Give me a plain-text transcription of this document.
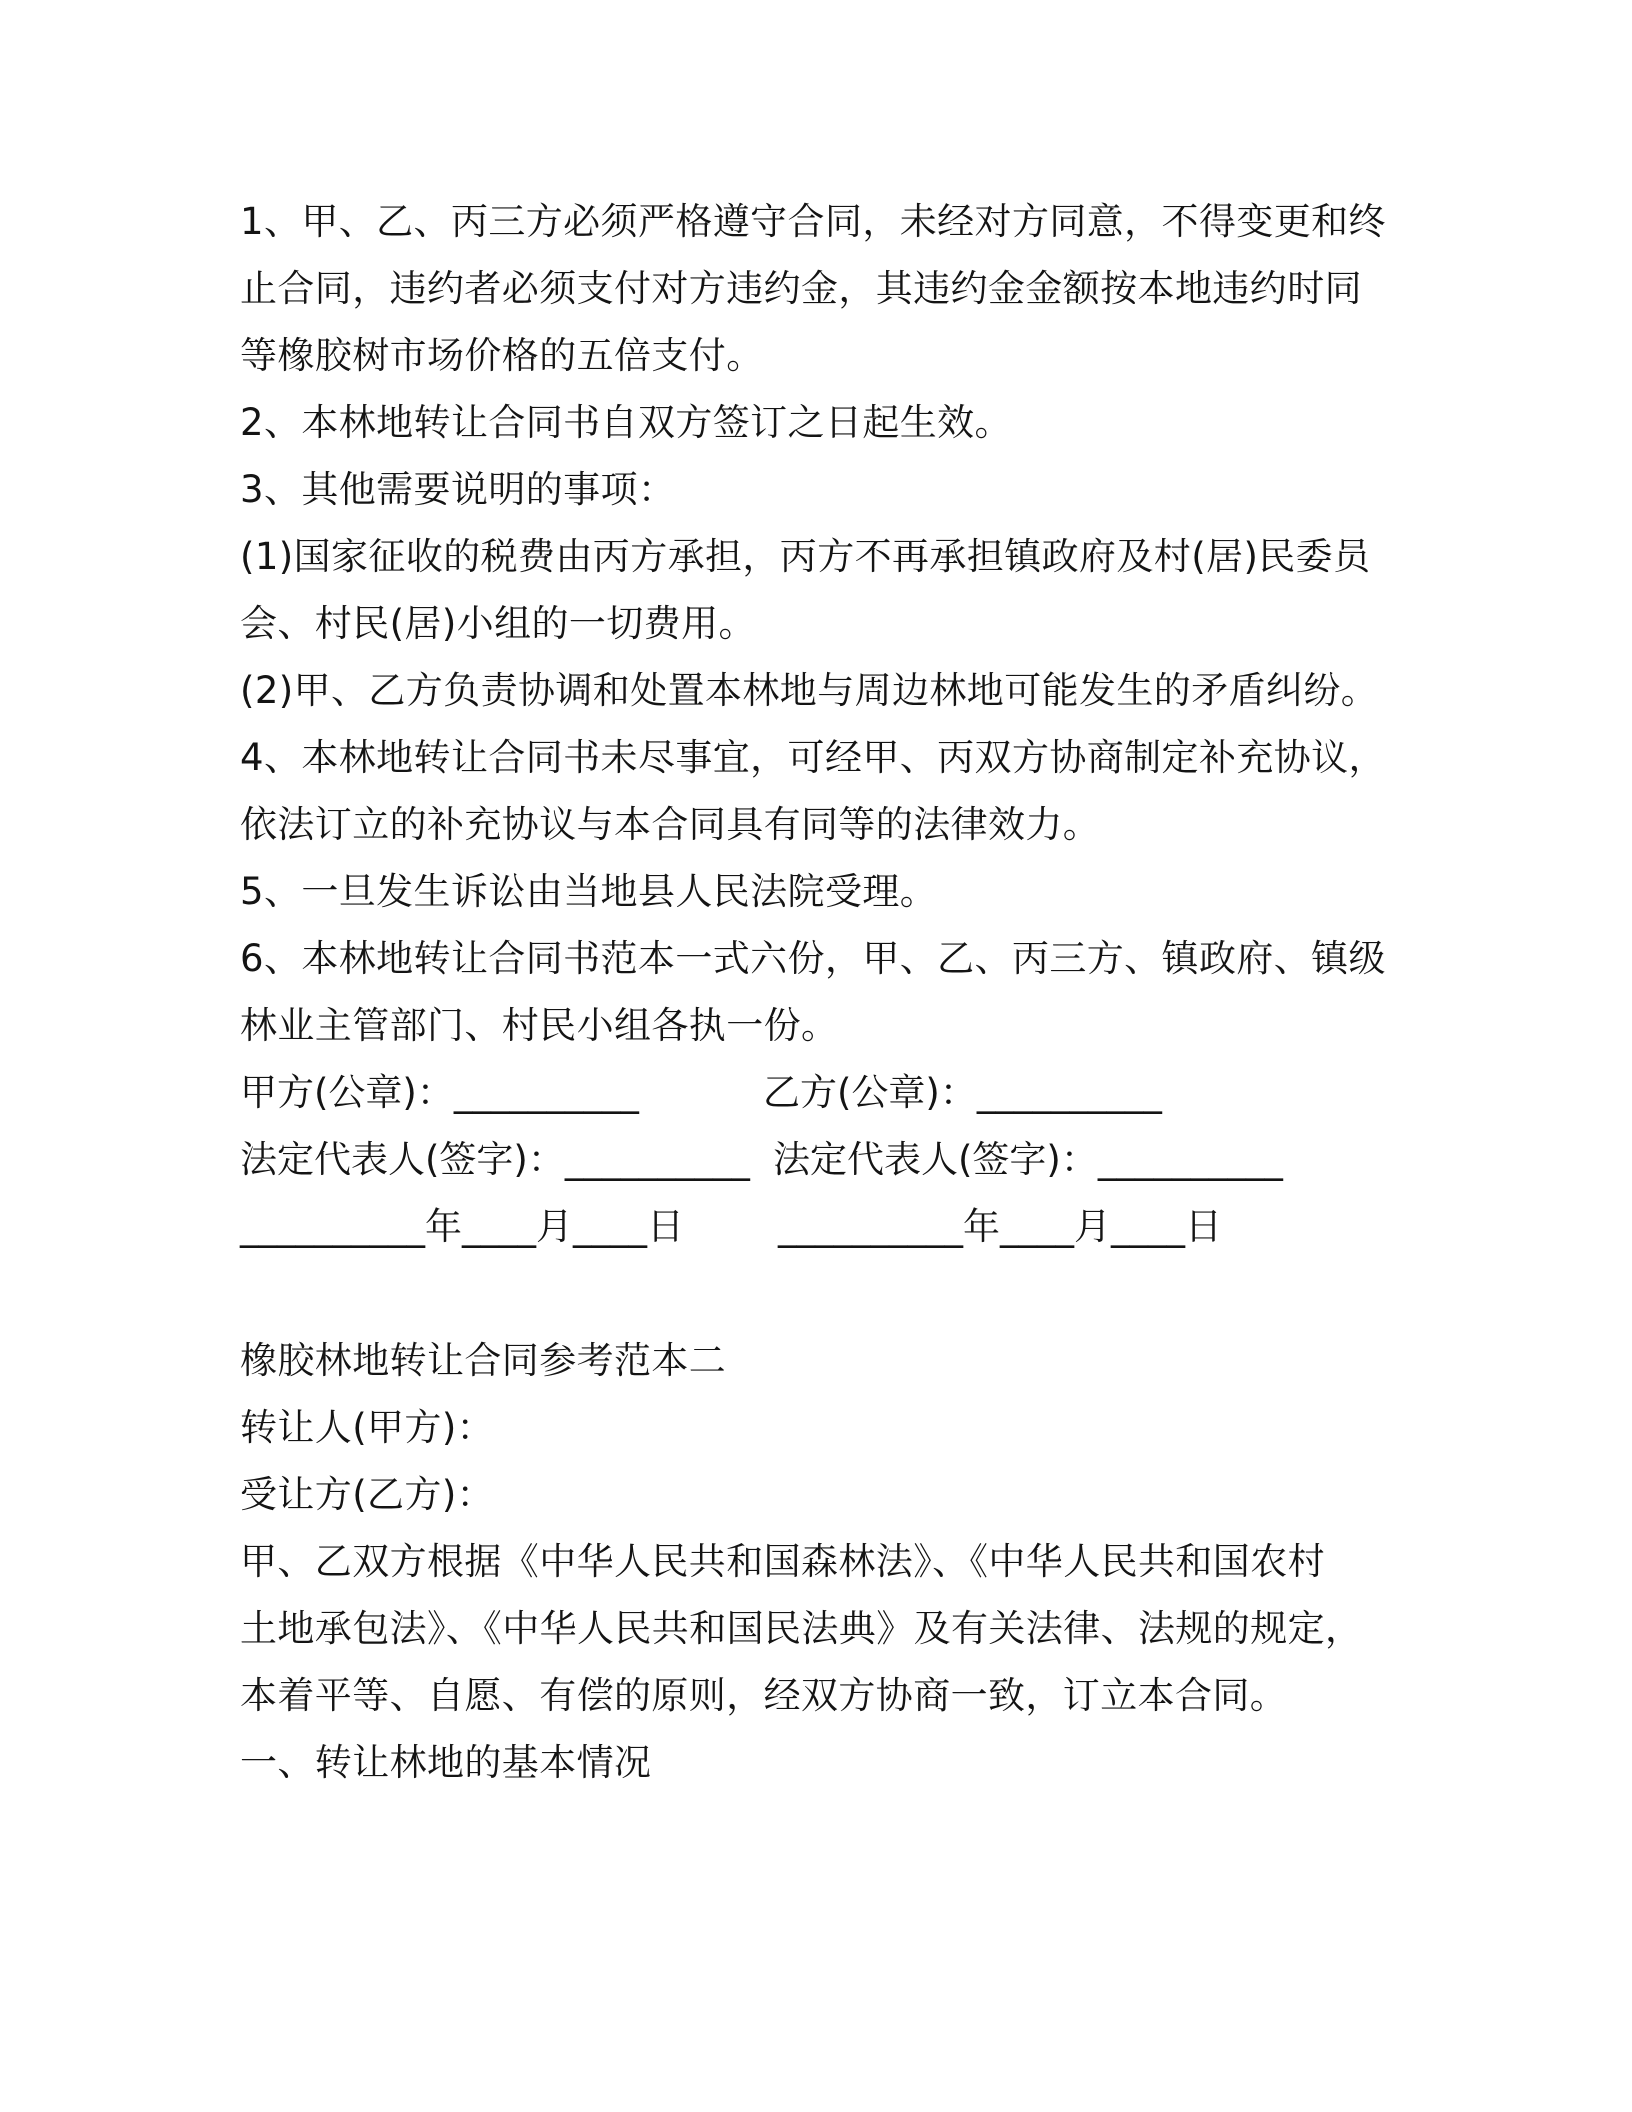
1、甲、乙、丙三方必须严格遵守合同，未经对方同意，不得变更和终
止合同，违约者必须支付对方违约金，其违约金金额按本地违约时同
等橡胶树市场价格的五倍支付。
2、本林地转让合同书自双方签订之日起生效。
3、其他需要说明的事项：
(1)国家征收的税费由丙方承担，丙方不再承担镇政府及村(居)民委员
会、村民(居)小组的一切费用。
(2)甲、乙方负责协调和处置本林地与周边林地可能发生的矛盾纠纷。
4、本林地转让合同书未尽事宜，可经甲、丙双方协商制定补充协议，
依法订立的补充协议与本合同具有同等的法律效力。
5、一旦发生诉讼由当地县人民法院受理。
6、本林地转让合同书范本一式六份，甲、乙、丙三方、镇政府、镇级
林业主管部门、村民小组各执一份。
甲方(公章)：__________	乙方(公章)：__________
法定代表人(签字)：__________ 法定代表人(签字)：__________
__________年____月____日	__________年____月____日
橡胶林地转让合同参考范本二
转让人(甲方)：
受让方(乙方)：
甲、乙双方根据《中华人民共和国森林法》、《中华人民共和国农村
土地承包法》、《中华人民共和国民法典》及有关法律、法规的规定，
本着平等、自愿、有偿的原则，经双方协商一致，订立本合同。
一、转让林地的基本情况
